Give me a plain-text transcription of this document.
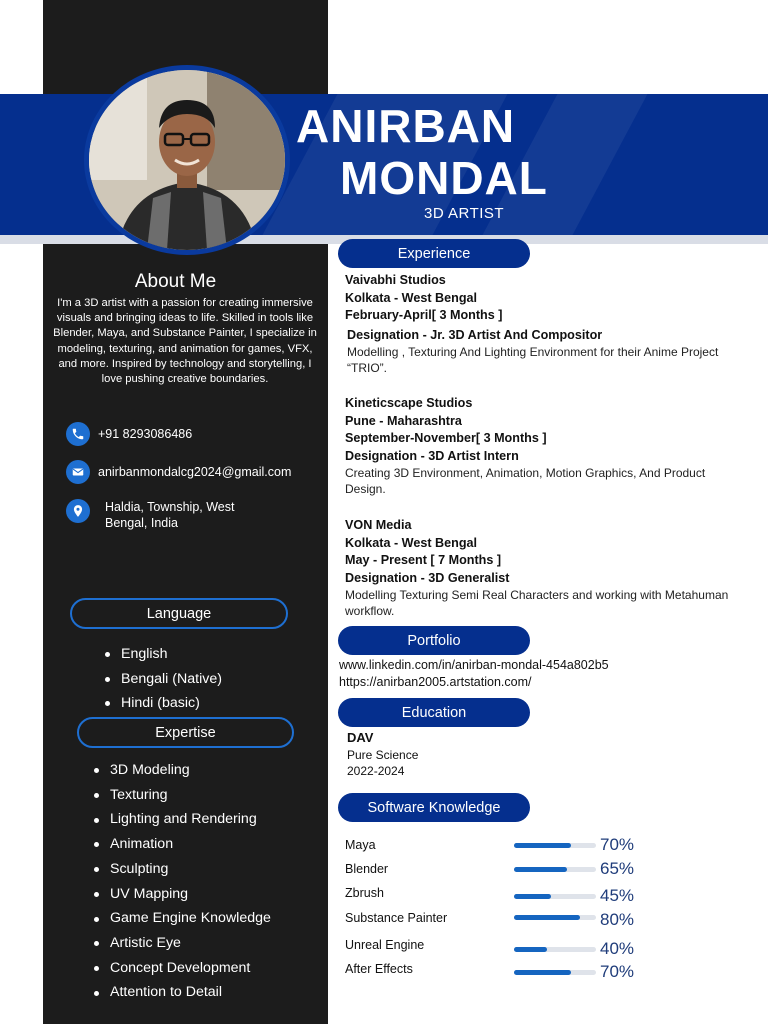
ANIRBAN
MONDAL
3D ARTIST
About Me
I'm a 3D artist with a passion for creating immersive visuals and bringing ideas to life. Skilled in tools like Blender, Maya, and Substance Painter, I specialize in modeling, texturing, and animation for games, VFX, and more. Inspired by technology and storytelling, I love pushing creative boundaries.
+91 8293086486
anirbanmondalcg2024@gmail.com
Haldia, Township, West Bengal, India
Language
English
Bengali (Native)
Hindi (basic)
Expertise
3D Modeling
Texturing
Lighting and Rendering
Animation
Sculpting
UV Mapping
Game Engine Knowledge
Artistic Eye
Concept Development
Attention to Detail
Experience
Vaivabhi Studios
Kolkata - West Bengal
February-April[ 3 Months ]
Designation - Jr. 3D Artist And Compositor
Modelling , Texturing And Lighting Environment for their Anime Project “TRIO”.
Kineticscape Studios
Pune - Maharashtra
September-November[ 3 Months ]
Designation - 3D Artist Intern
Creating 3D Environment, Animation, Motion Graphics, And Product Design.
VON Media
Kolkata - West Bengal
May - Present [ 7 Months ]
Designation - 3D Generalist
Modelling Texturing Semi Real Characters and working with Metahuman workflow.
Portfolio
www.linkedin.com/in/anirban-mondal-454a802b5
https://anirban2005.artstation.com/
Education
DAV
Pure Science
2022-2024
Software Knowledge
Maya	70%
Blender	65%
Zbrush	45%
Substance Painter	80%
Unreal Engine	40%
After Effects	70%
